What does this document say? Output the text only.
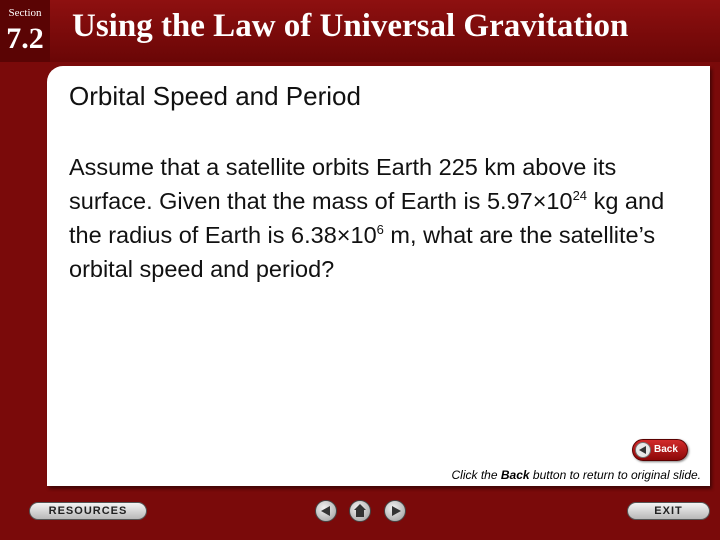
Section
7.2 Using the Law of Universal Gravitation
Orbital Speed and Period
Assume that a satellite orbits Earth 225 km above its surface. Given that the mass of Earth is $5.97\times 10^{24}$ kg and the radius of Earth is $6.38\times 10^6$ m, what are the satellite’s orbital speed and period?
Back
Click the Back button to return to original slide.
RESOURCES	EXIT
